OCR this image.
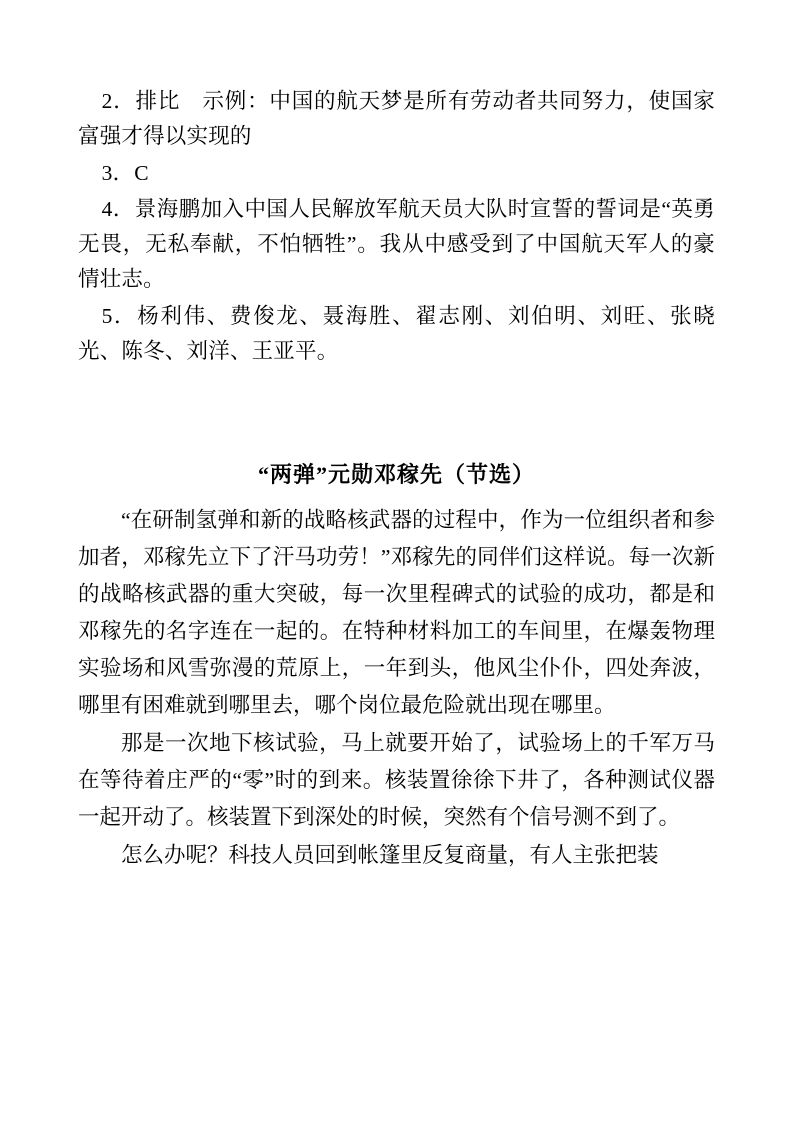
2．排比　示例：中国的航天梦是所有劳动者共同努力，使国家富强才得以实现的

3．C

4．景海鹏加入中国人民解放军航天员大队时宣誓的誓词是“英勇无畏，无私奉献，不怕牺牲”。我从中感受到了中国航天军人的豪情壮志。

5．杨利伟、费俊龙、聂海胜、翟志刚、刘伯明、刘旺、张晓光、陈冬、刘洋、王亚平。

“两弹”元勋邓稼先（节选）

“在研制氢弹和新的战略核武器的过程中，作为一位组织者和参加者，邓稼先立下了汗马功劳！”邓稼先的同伴们这样说。每一次新的战略核武器的重大突破，每一次里程碑式的试验的成功，都是和邓稼先的名字连在一起的。在特种材料加工的车间里，在爆轰物理实验场和风雪弥漫的荒原上，一年到头，他风尘仆仆，四处奔波，哪里有困难就到哪里去，哪个岗位最危险就出现在哪里。

那是一次地下核试验，马上就要开始了，试验场上的千军万马在等待着庄严的“零”时的到来。核装置徐徐下井了，各种测试仪器一起开动了。核装置下到深处的时候，突然有个信号测不到了。

怎么办呢？科技人员回到帐篷里反复商量，有人主张把装
